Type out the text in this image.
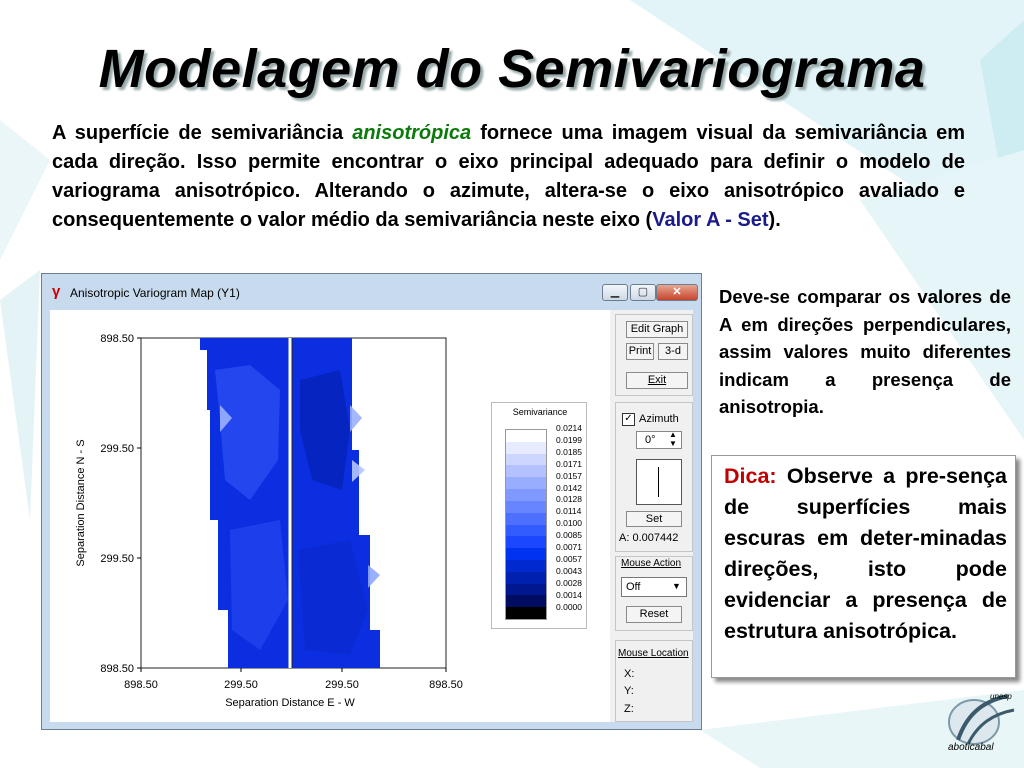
Modelagem do Semivariograma
A superfície de semivariância anisotrópica fornece uma imagem visual da semivariância em cada direção. Isso permite encontrar o eixo principal adequado para definir o modelo de variograma anisotrópico. Alterando o azimute, altera-se o eixo anisotrópico avaliado e consequentemente o valor médio da semivariância neste eixo (Valor A - Set).
γ Anisotropic Variogram Map (Y1)	▁	▢	✕
898.50
299.50
299.50
898.50
898.50	299.50	299.50	898.50
Separation Distance E - W
Separation Distance N - S
Semivariance
0.0214
0.0199
0.0185
0.0171
0.0157
0.0142
0.0128
0.0114
0.0100
0.0085
0.0071
0.0057
0.0043
0.0028
0.0014
0.0000
Edit Graph
Print	3-d
Exit
✓ Azimuth
0° ▲
▼
Set
A: 0.007442
Mouse Action
Off	▼
Reset
Mouse Location
X:
Y:
Z:
Deve-se comparar os valores de A em direções perpendiculares, assim valores muito diferentes indicam a presença de anisotropia.
Dica: Observe a pre-sença de superfícies mais escuras em deter-minadas direções, isto pode evidenciar a presença de estrutura anisotrópica.
unesp
aboticabal
